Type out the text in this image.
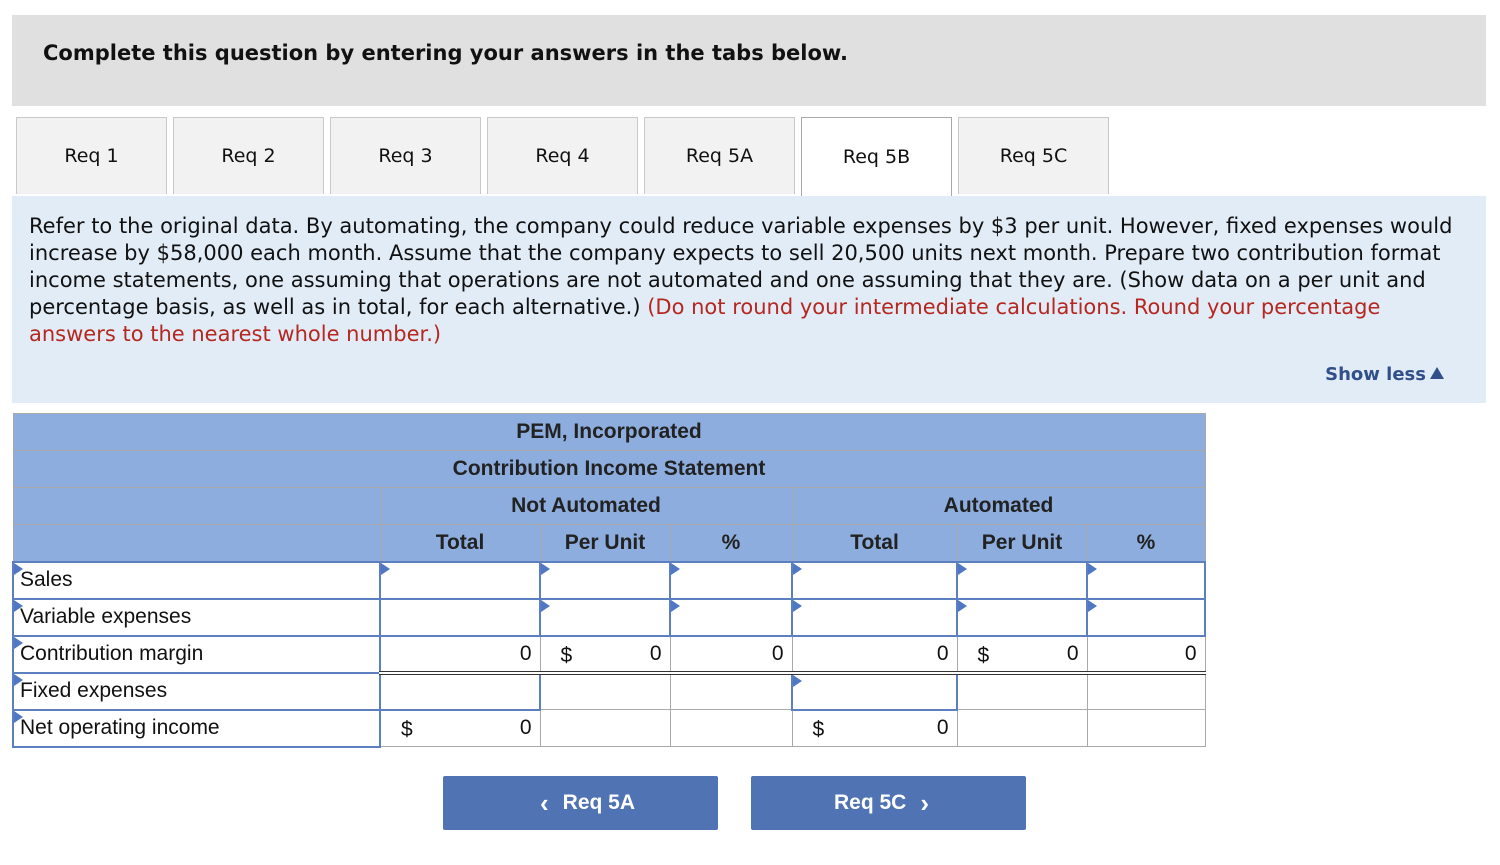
Complete this question by entering your answers in the tabs below.
Req 1	Req 2	Req 3	Req 4	Req 5A	Req 5B	Req 5C
Refer to the original data. By automating, the company could reduce variable expenses by $3 per unit. However, fixed expenses would increase by $58,000 each month. Assume that the company expects to sell 20,500 units next month. Prepare two contribution format income statements, one assuming that operations are not automated and one assuming that they are. (Show data on a per unit and percentage basis, as well as in total, for each alternative.) (Do not round your intermediate calculations. Round your percentage answers to the nearest whole number.)
Show less
PEM, Incorporated						
Contribution Income Statement						
	Not Automated			Automated		
	Total	Per Unit	%	Total	Per Unit	%
Sales	

Variable expenses	

Contribution margin	0	$ 0	0	0	$ 0	0
Fixed expenses	

Net operating income	$ 0			$ 0		
‹ Req 5A	Req 5C ›
